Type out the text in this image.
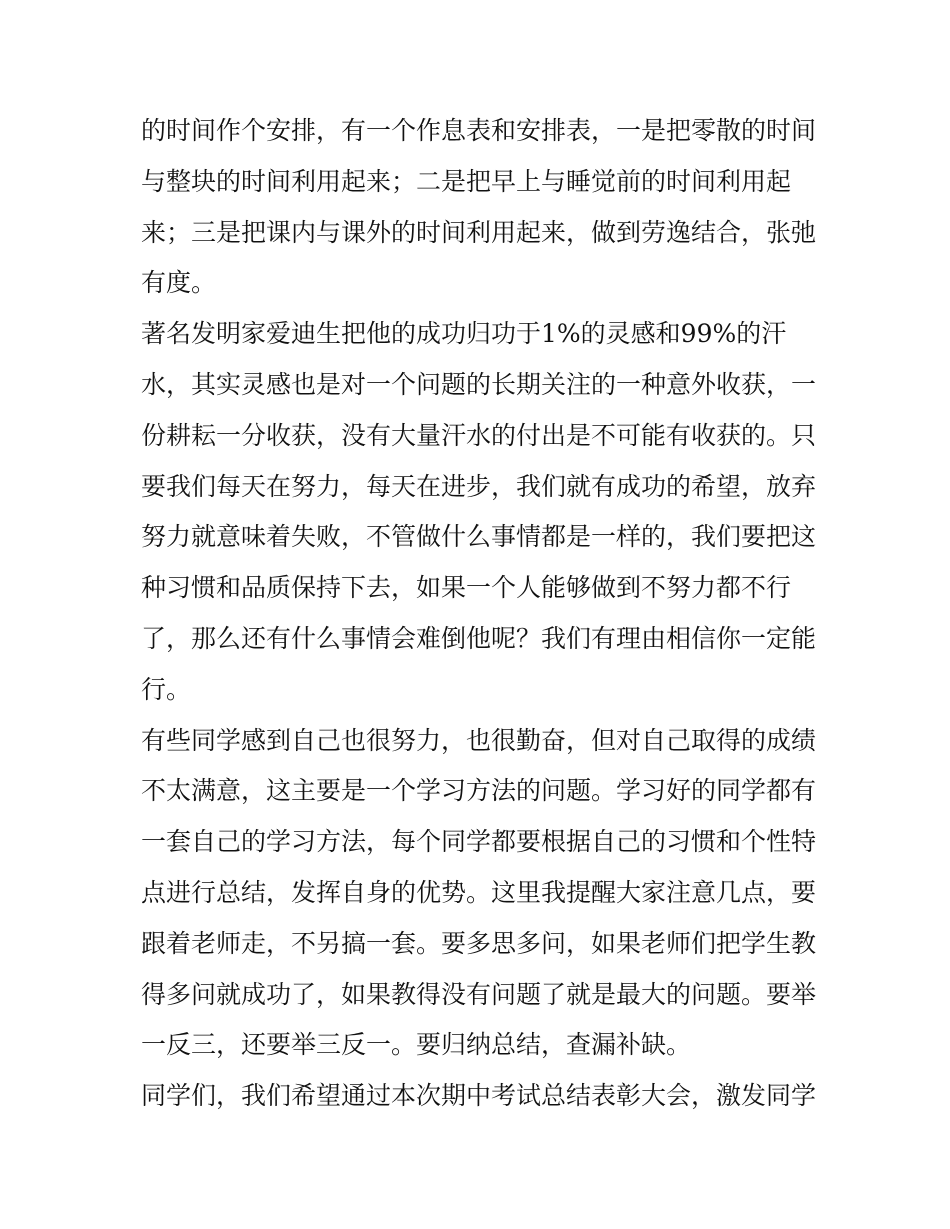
的时间作个安排，有一个作息表和安排表，一是把零散的时间
与整块的时间利用起来；二是把早上与睡觉前的时间利用起
来；三是把课内与课外的时间利用起来，做到劳逸结合，张弛
有度。
著名发明家爱迪生把他的成功归功于1%的灵感和99%的汗
水，其实灵感也是对一个问题的长期关注的一种意外收获，一
份耕耘一分收获，没有大量汗水的付出是不可能有收获的。只
要我们每天在努力，每天在进步，我们就有成功的希望，放弃
努力就意味着失败，不管做什么事情都是一样的，我们要把这
种习惯和品质保持下去，如果一个人能够做到不努力都不行
了，那么还有什么事情会难倒他呢？我们有理由相信你一定能
行。
有些同学感到自己也很努力，也很勤奋，但对自己取得的成绩
不太满意，这主要是一个学习方法的问题。学习好的同学都有
一套自己的学习方法，每个同学都要根据自己的习惯和个性特
点进行总结，发挥自身的优势。这里我提醒大家注意几点，要
跟着老师走，不另搞一套。要多思多问，如果老师们把学生教
得多问就成功了，如果教得没有问题了就是最大的问题。要举
一反三，还要举三反一。要归纳总结，查漏补缺。
同学们，我们希望通过本次期中考试总结表彰大会，激发同学
